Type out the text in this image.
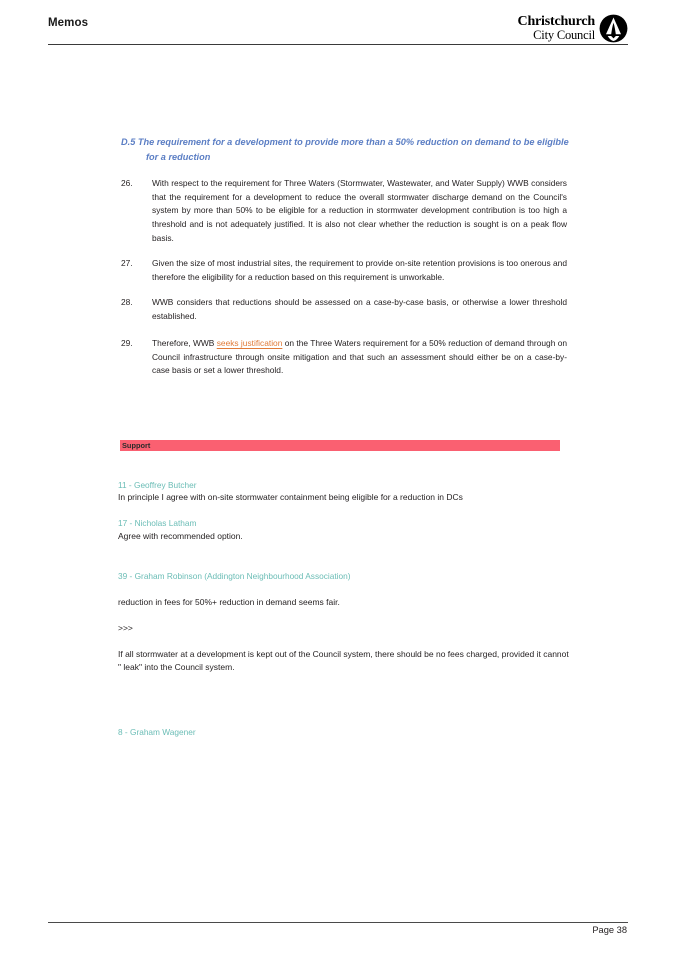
Memos	Christchurch
City Council
D.5 The requirement for a development to provide more than a 50% reduction on demand to be eligible for a reduction
26.	With respect to the requirement for Three Waters (Stormwater, Wastewater, and Water Supply) WWB considers that the requirement for a development to reduce the overall stormwater discharge demand on the Council's system by more than 50% to be eligible for a reduction in stormwater development contribution is too high a threshold and is not adequately justified. It is also not clear whether the reduction is sought is on a peak flow basis.
27.	Given the size of most industrial sites, the requirement to provide on-site retention provisions is too onerous and therefore the eligibility for a reduction based on this requirement is unworkable.
28.	WWB considers that reductions should be assessed on a case-by-case basis, or otherwise a lower threshold established.
29.	Therefore, WWB seeks justification on the Three Waters requirement for a 50% reduction of demand through on Council infrastructure through onsite mitigation and that such an assessment should either be on a case-by-case basis or set a lower threshold.
Support
11 - Geoffrey Butcher
In principle I agree with on-site stormwater containment being eligible for a reduction in DCs
17 - Nicholas Latham
Agree with recommended option.
39 - Graham Robinson (Addington Neighbourhood Association)
reduction in fees for 50%+ reduction in demand seems fair.
>>>
If all stormwater at a development is kept out of the Council system, there should be no fees charged, provided it cannot " leak" into the Council system.
8 - Graham Wagener
Page 38
